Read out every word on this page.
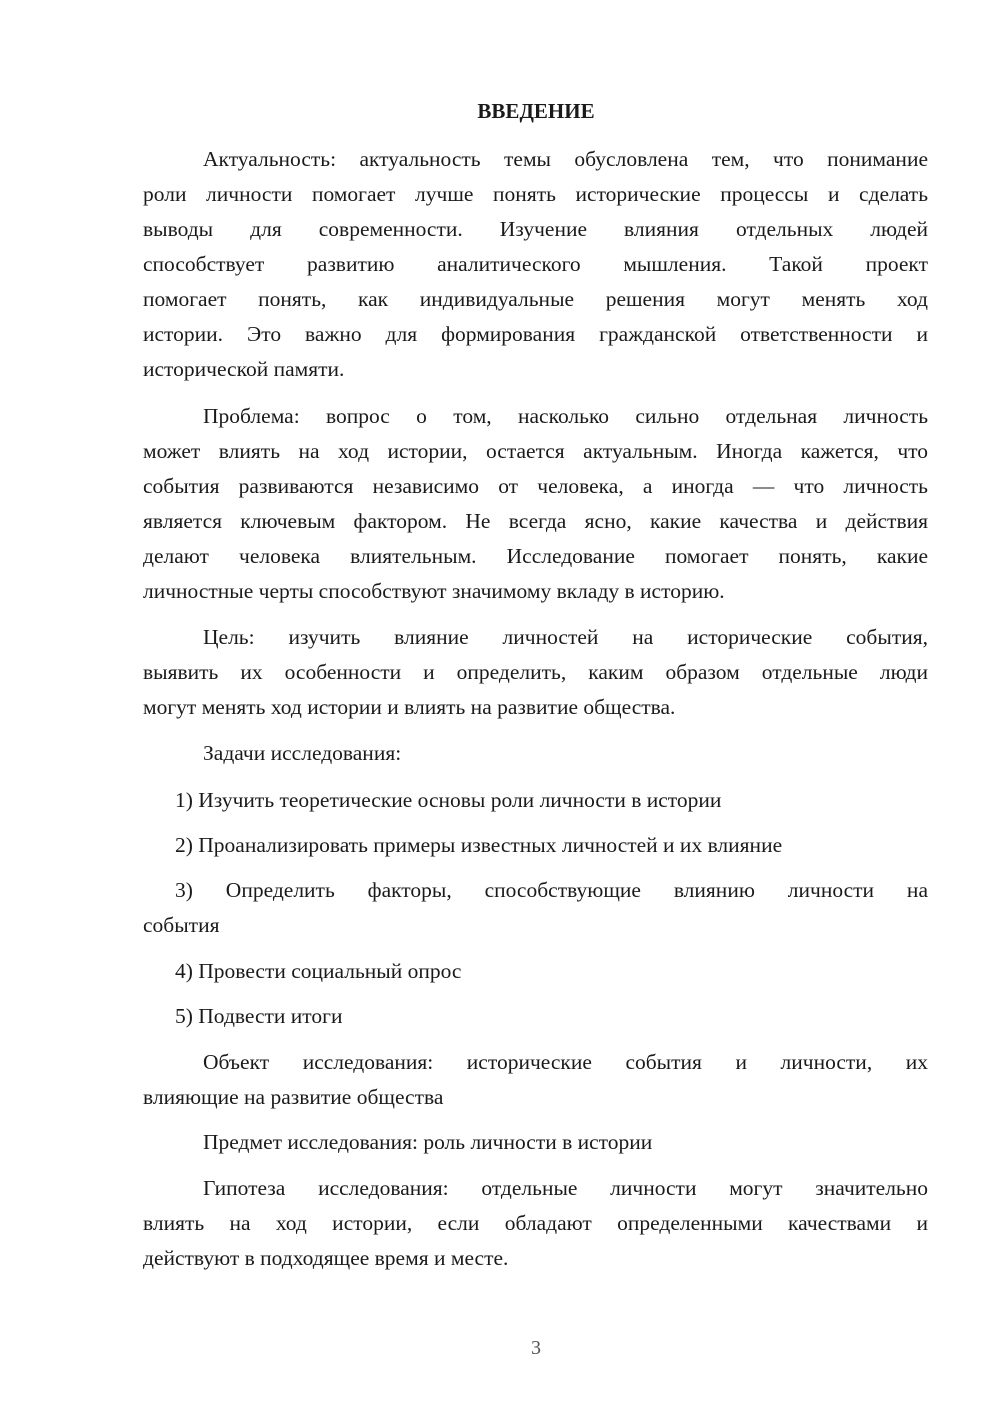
ВВЕДЕНИЕ
Актуальность: актуальность темы обусловлена тем, что понимание
роли личности помогает лучше понять исторические процессы и сделать
выводы для современности. Изучение влияния отдельных людей
способствует развитию аналитического мышления. Такой проект
помогает понять, как индивидуальные решения могут менять ход
истории. Это важно для формирования гражданской ответственности и
исторической памяти.
Проблема: вопрос о том, насколько сильно отдельная личность
может влиять на ход истории, остается актуальным. Иногда кажется, что
события развиваются независимо от человека, а иногда — что личность
является ключевым фактором. Не всегда ясно, какие качества и действия
делают человека влиятельным. Исследование помогает понять, какие
личностные черты способствуют значимому вкладу в историю.
Цель: изучить влияние личностей на исторические события,
выявить их особенности и определить, каким образом отдельные люди
могут менять ход истории и влиять на развитие общества.
Задачи исследования:
1) Изучить теоретические основы роли личности в истории
2) Проанализировать примеры известных личностей и их влияние
3) Определить факторы, способствующие влиянию личности на
события
4) Провести социальный опрос
5) Подвести итоги
Объект исследования: исторические события и личности, их
влияющие на развитие общества
Предмет исследования: роль личности в истории
Гипотеза исследования: отдельные личности могут значительно
влиять на ход истории, если обладают определенными качествами и
действуют в подходящее время и месте.
3
